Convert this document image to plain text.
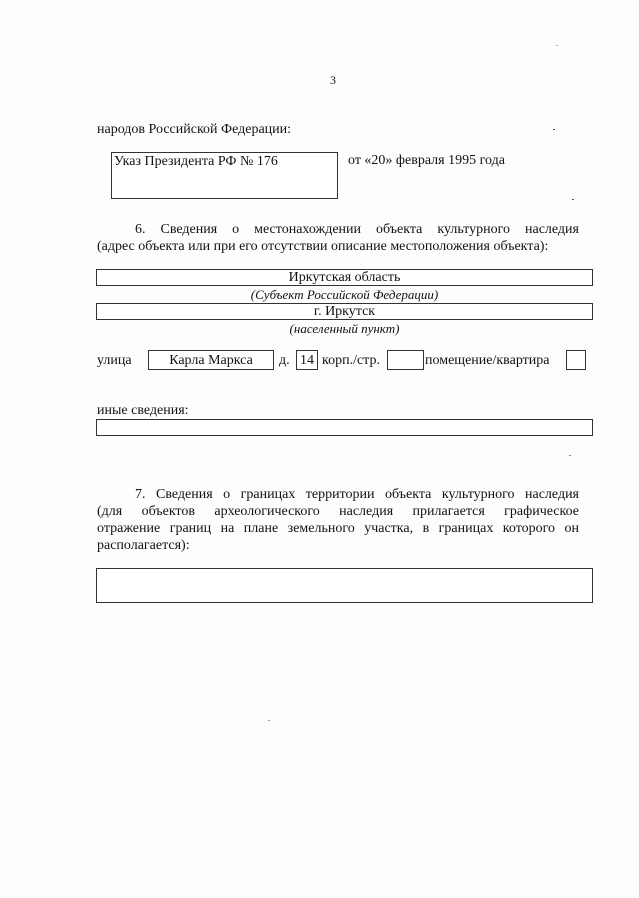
3
народов Российской Федерации:
Указ Президента РФ № 176	от «20» февраля 1995 года
6. Сведения о местонахождении объекта культурного наследия
(адрес объекта или при его отсутствии описание местоположения объекта):
Иркутская область
(Субъект Российской Федерации)
г. Иркутск
(населенный пункт)
улица	Карла Маркса	д. 14 корп./стр.	помещение/квартира
иные сведения:
7. Сведения о границах территории объекта культурного наследия
(для объектов археологического наследия прилагается графическое
отражение границ на плане земельного участка, в границах которого он
располагается):
